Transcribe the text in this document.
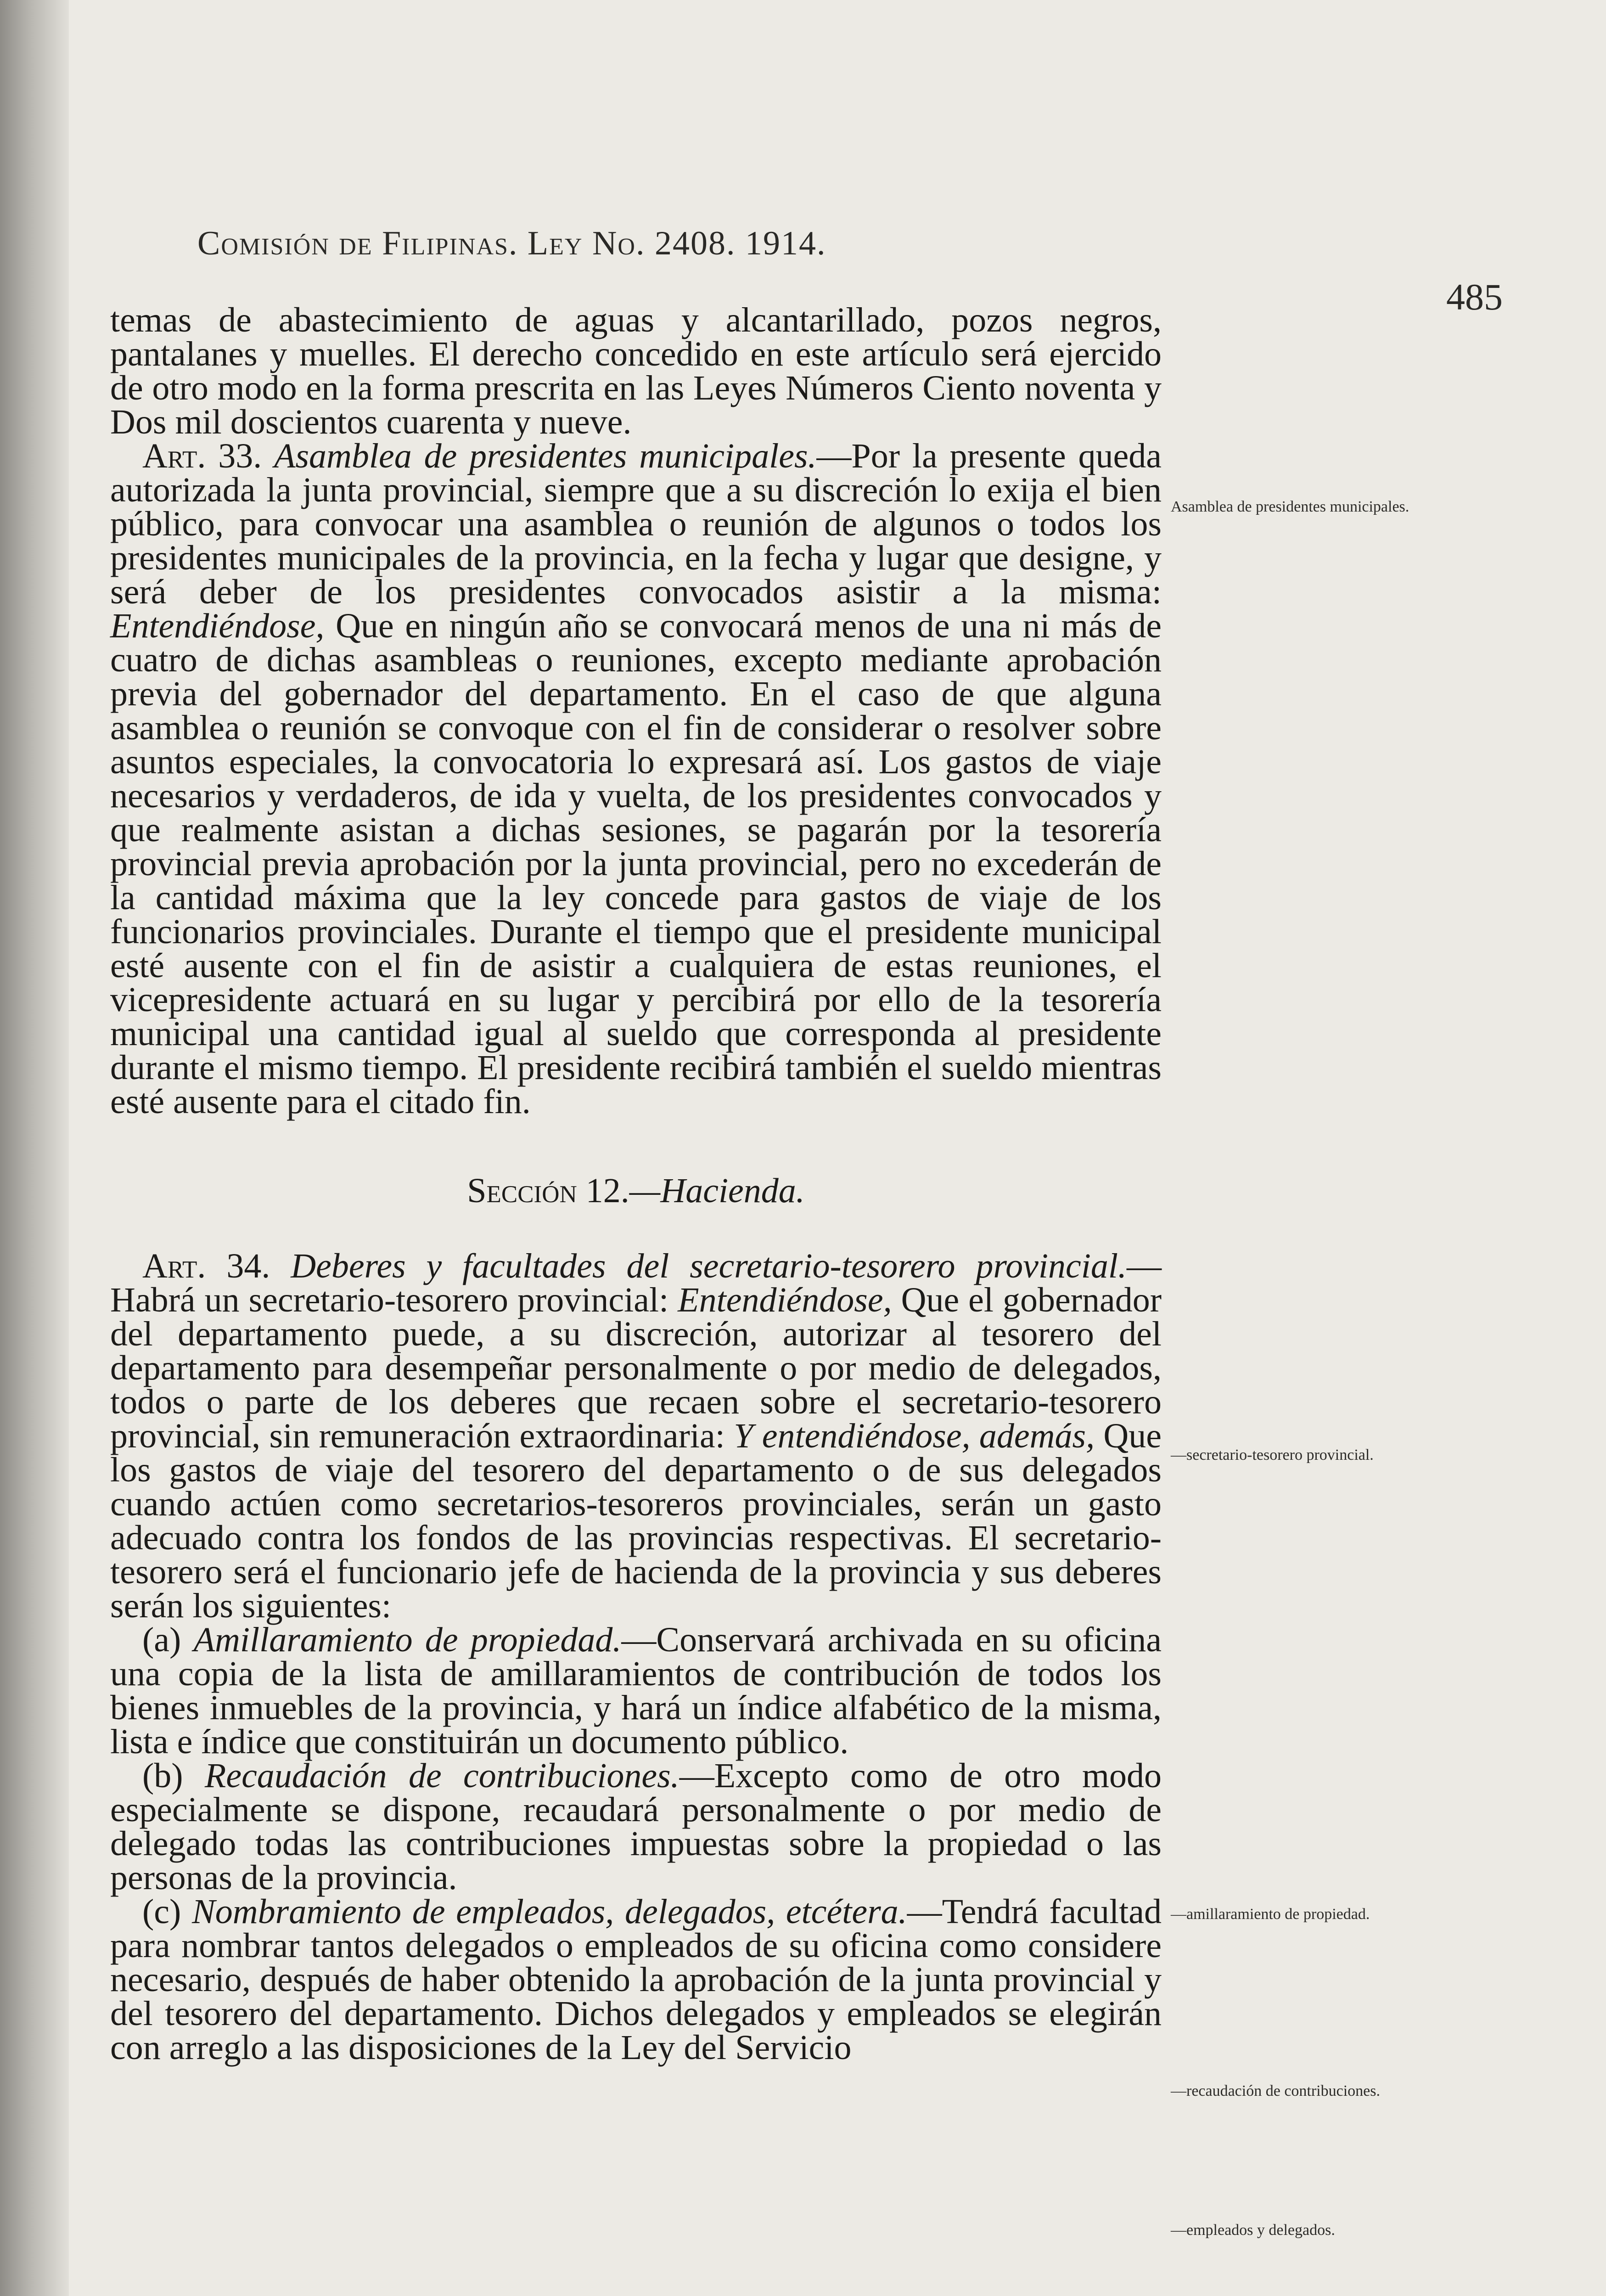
Comisión de Filipinas. Ley No. 2408. 1914.
485

temas de abastecimiento de aguas y alcantarillado, pozos negros, pantalanes y muelles. El derecho concedido en este artículo será ejercido de otro modo en la forma prescrita en las Leyes Números Ciento noventa y Dos mil doscientos cuarenta y nueve.

Art. 33. Asamblea de presidentes municipales.—Por la presente queda autorizada la junta provincial, siempre que a su discreción lo exija el bien público, para convocar una asamblea o reunión de algunos o todos los presidentes municipales de la provincia, en la fecha y lugar que designe, y será deber de los presidentes convocados asistir a la misma: Entendiéndose, Que en ningún año se convocará menos de una ni más de cuatro de dichas asambleas o reuniones, excepto mediante aprobación previa del gobernador del departamento. En el caso de que alguna asamblea o reunión se convoque con el fin de considerar o resolver sobre asuntos especiales, la convocatoria lo expresará así. Los gastos de viaje necesarios y verdaderos, de ida y vuelta, de los presidentes convocados y que realmente asistan a dichas sesiones, se pagarán por la tesorería provincial previa aprobación por la junta provincial, pero no excederán de la cantidad máxima que la ley concede para gastos de viaje de los funcionarios provinciales. Durante el tiempo que el presidente municipal esté ausente con el fin de asistir a cualquiera de estas reuniones, el vicepresidente actuará en su lugar y percibirá por ello de la tesorería municipal una cantidad igual al sueldo que corresponda al presidente durante el mismo tiempo. El presidente recibirá también el sueldo mientras esté ausente para el citado fin.

Sección 12.—Hacienda.

Art. 34. Deberes y facultades del secretario-tesorero provincial.—Habrá un secretario-tesorero provincial: Entendiéndose, Que el gobernador del departamento puede, a su discreción, autorizar al tesorero del departamento para desempeñar personalmente o por medio de delegados, todos o parte de los deberes que recaen sobre el secretario-tesorero provincial, sin remuneración extraordinaria: Y entendiéndose, además, Que los gastos de viaje del tesorero del departamento o de sus delegados cuando actúen como secretarios-tesoreros provinciales, serán un gasto adecuado contra los fondos de las provincias respectivas. El secretario-tesorero será el funcionario jefe de hacienda de la provincia y sus deberes serán los siguientes:

(a) Amillaramiento de propiedad.—Conservará archivada en su oficina una copia de la lista de amillaramientos de contribución de todos los bienes inmuebles de la provincia, y hará un índice alfabético de la misma, lista e índice que constituirán un documento público.

(b) Recaudación de contribuciones.—Excepto como de otro modo especialmente se dispone, recaudará personalmente o por medio de delegado todas las contribuciones impuestas sobre la propiedad o las personas de la provincia.

(c) Nombramiento de empleados, delegados, etcétera.—Tendrá facultad para nombrar tantos delegados o empleados de su oficina como considere necesario, después de haber obtenido la aprobación de la junta provincial y del tesorero del departamento. Dichos delegados y empleados se elegirán con arreglo a las disposiciones de la Ley del Servicio

Asamblea de presidentes municipales.
—secretario-tesorero provincial.
—amillaramiento de propiedad.
—recaudación de contribuciones.
—empleados y delegados.
